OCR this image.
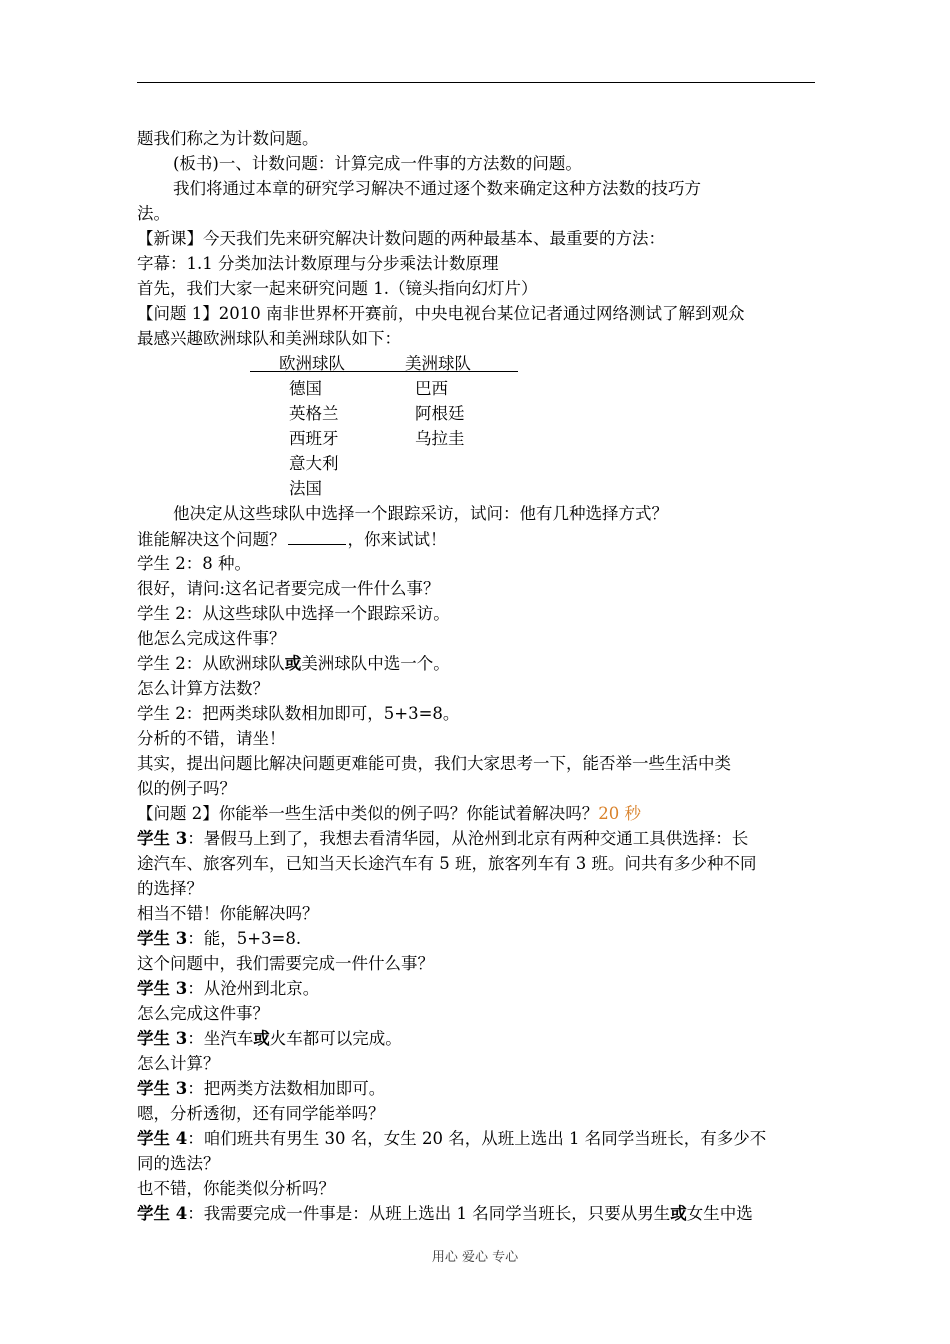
题我们称之为计数问题。
(板书)一、计数问题：计算完成一件事的方法数的问题。
我们将通过本章的研究学习解决不通过逐个数来确定这种方法数的技巧方
法。
【新课】今天我们先来研究解决计数问题的两种最基本、最重要的方法：
字幕：1.1 分类加法计数原理与分步乘法计数原理
首先，我们大家一起来研究问题 1.（镜头指向幻灯片）
【问题 1】2010 南非世界杯开赛前，中央电视台某位记者通过网络测试了解到观众
最感兴趣欧洲球队和美洲球队如下：
欧洲球队
德国
英格兰
西班牙
意大利
法国
美洲球队
巴西
阿根廷
乌拉圭
他决定从这些球队中选择一个跟踪采访，试问：他有几种选择方式？
谁能解决这个问题？	，你来试试！
学生 2：8 种。
很好，请问:这名记者要完成一件什么事？
学生 2：从这些球队中选择一个跟踪采访。
他怎么完成这件事？
学生 2：从欧洲球队或美洲球队中选一个。
怎么计算方法数？
学生 2：把两类球队数相加即可，5+3=8。
分析的不错，请坐！
其实，提出问题比解决问题更难能可贵，我们大家思考一下，能否举一些生活中类
似的例子吗？
【问题 2】你能举一些生活中类似的例子吗？你能试着解决吗？20 秒
学生 3：暑假马上到了，我想去看清华园，从沧州到北京有两种交通工具供选择：长
途汽车、旅客列车，已知当天长途汽车有 5 班，旅客列车有 3 班。问共有多少种不同
的选择？
相当不错！你能解决吗？
学生 3：能，5+3=8.
这个问题中，我们需要完成一件什么事？
学生 3：从沧州到北京。
怎么完成这件事？
学生 3：坐汽车或火车都可以完成。
怎么计算？
学生 3：把两类方法数相加即可。
嗯，分析透彻，还有同学能举吗？
学生 4：咱们班共有男生 30 名，女生 20 名，从班上选出 1 名同学当班长，有多少不
同的选法？
也不错，你能类似分析吗？
学生 4：我需要完成一件事是：从班上选出 1 名同学当班长，只要从男生或女生中选
用心 爱心 专心
